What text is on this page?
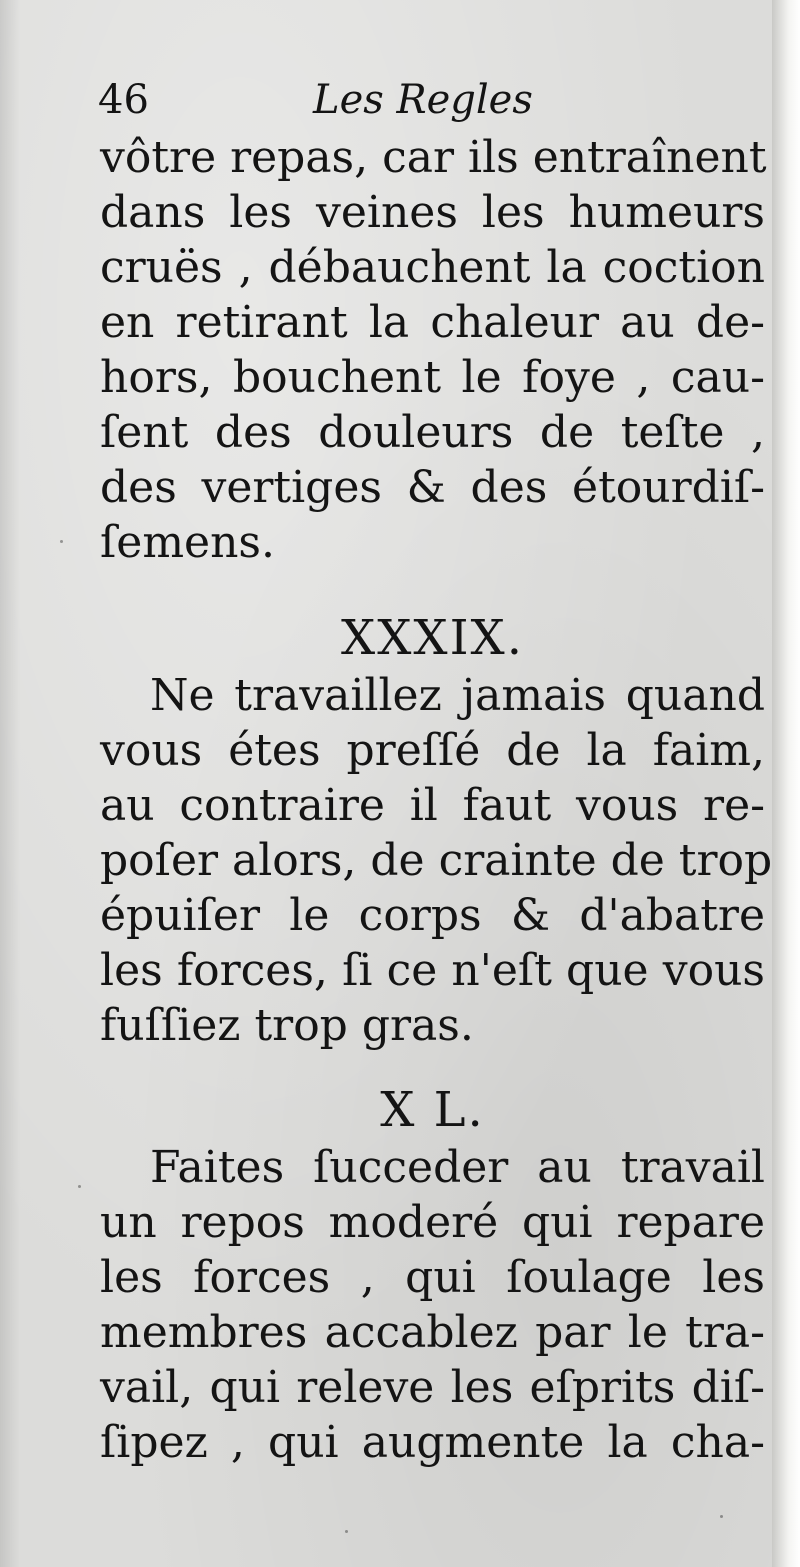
46	Les Regles
vôtre repas, car ils entraînent
dans les veines les humeurs
cruës , débauchent la coction
en retirant la chaleur au de-
hors, bouchent le foye , cau-
ſent des douleurs de teſte ,
des vertiges & des étourdiſ-
ſemens.
XXXIX.
Ne travaillez jamais quand
vous étes preſſé de la faim,
au contraire il faut vous re-
poſer alors, de crainte de trop
épuiſer le corps & d'abatre
les forces, ſi ce n'eſt que vous
fuſſiez trop gras.
X L.
Faites ſucceder au travail
un repos moderé qui repare
les forces , qui ſoulage les
membres accablez par le tra-
vail, qui releve les eſprits diſ-
ſipez , qui augmente la cha-
